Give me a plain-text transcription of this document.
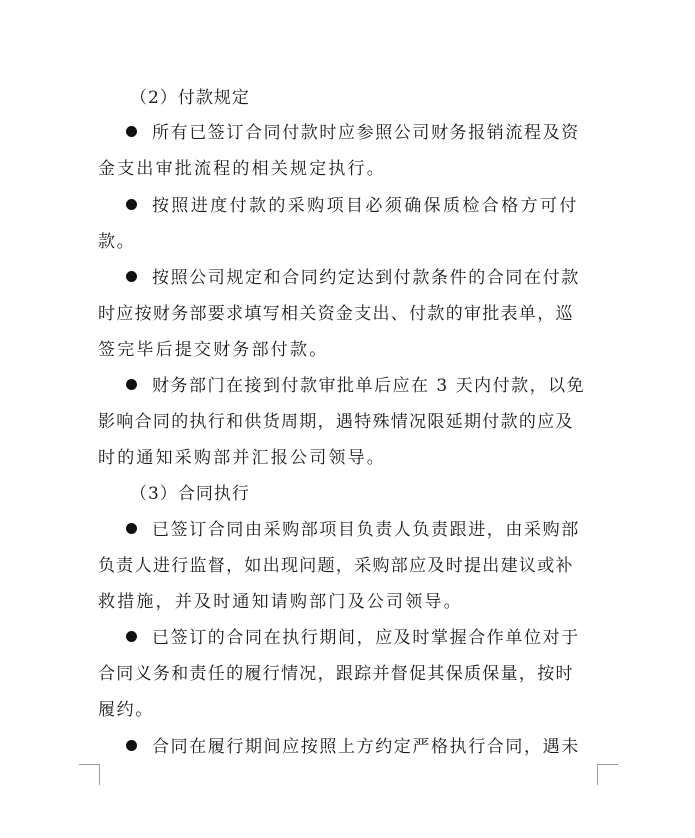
（2）付款规定
所有已签订合同付款时应参照公司财务报销流程及资
金支出审批流程的相关规定执行。
按照进度付款的采购项目必须确保质检合格方可付
款。
按照公司规定和合同约定达到付款条件的合同在付款
时应按财务部要求填写相关资金支出、付款的审批表单，巡
签完毕后提交财务部付款。
财务部门在接到付款审批单后应在 3 天内付款，以免
影响合同的执行和供货周期，遇特殊情况限延期付款的应及
时的通知采购部并汇报公司领导。
（3）合同执行
已签订合同由采购部项目负责人负责跟进，由采购部
负责人进行监督，如出现问题，采购部应及时提出建议或补
救措施，并及时通知请购部门及公司领导。
已签订的合同在执行期间，应及时掌握合作单位对于
合同义务和责任的履行情况，跟踪并督促其保质保量，按时
履约。
合同在履行期间应按照上方约定严格执行合同，遇未
